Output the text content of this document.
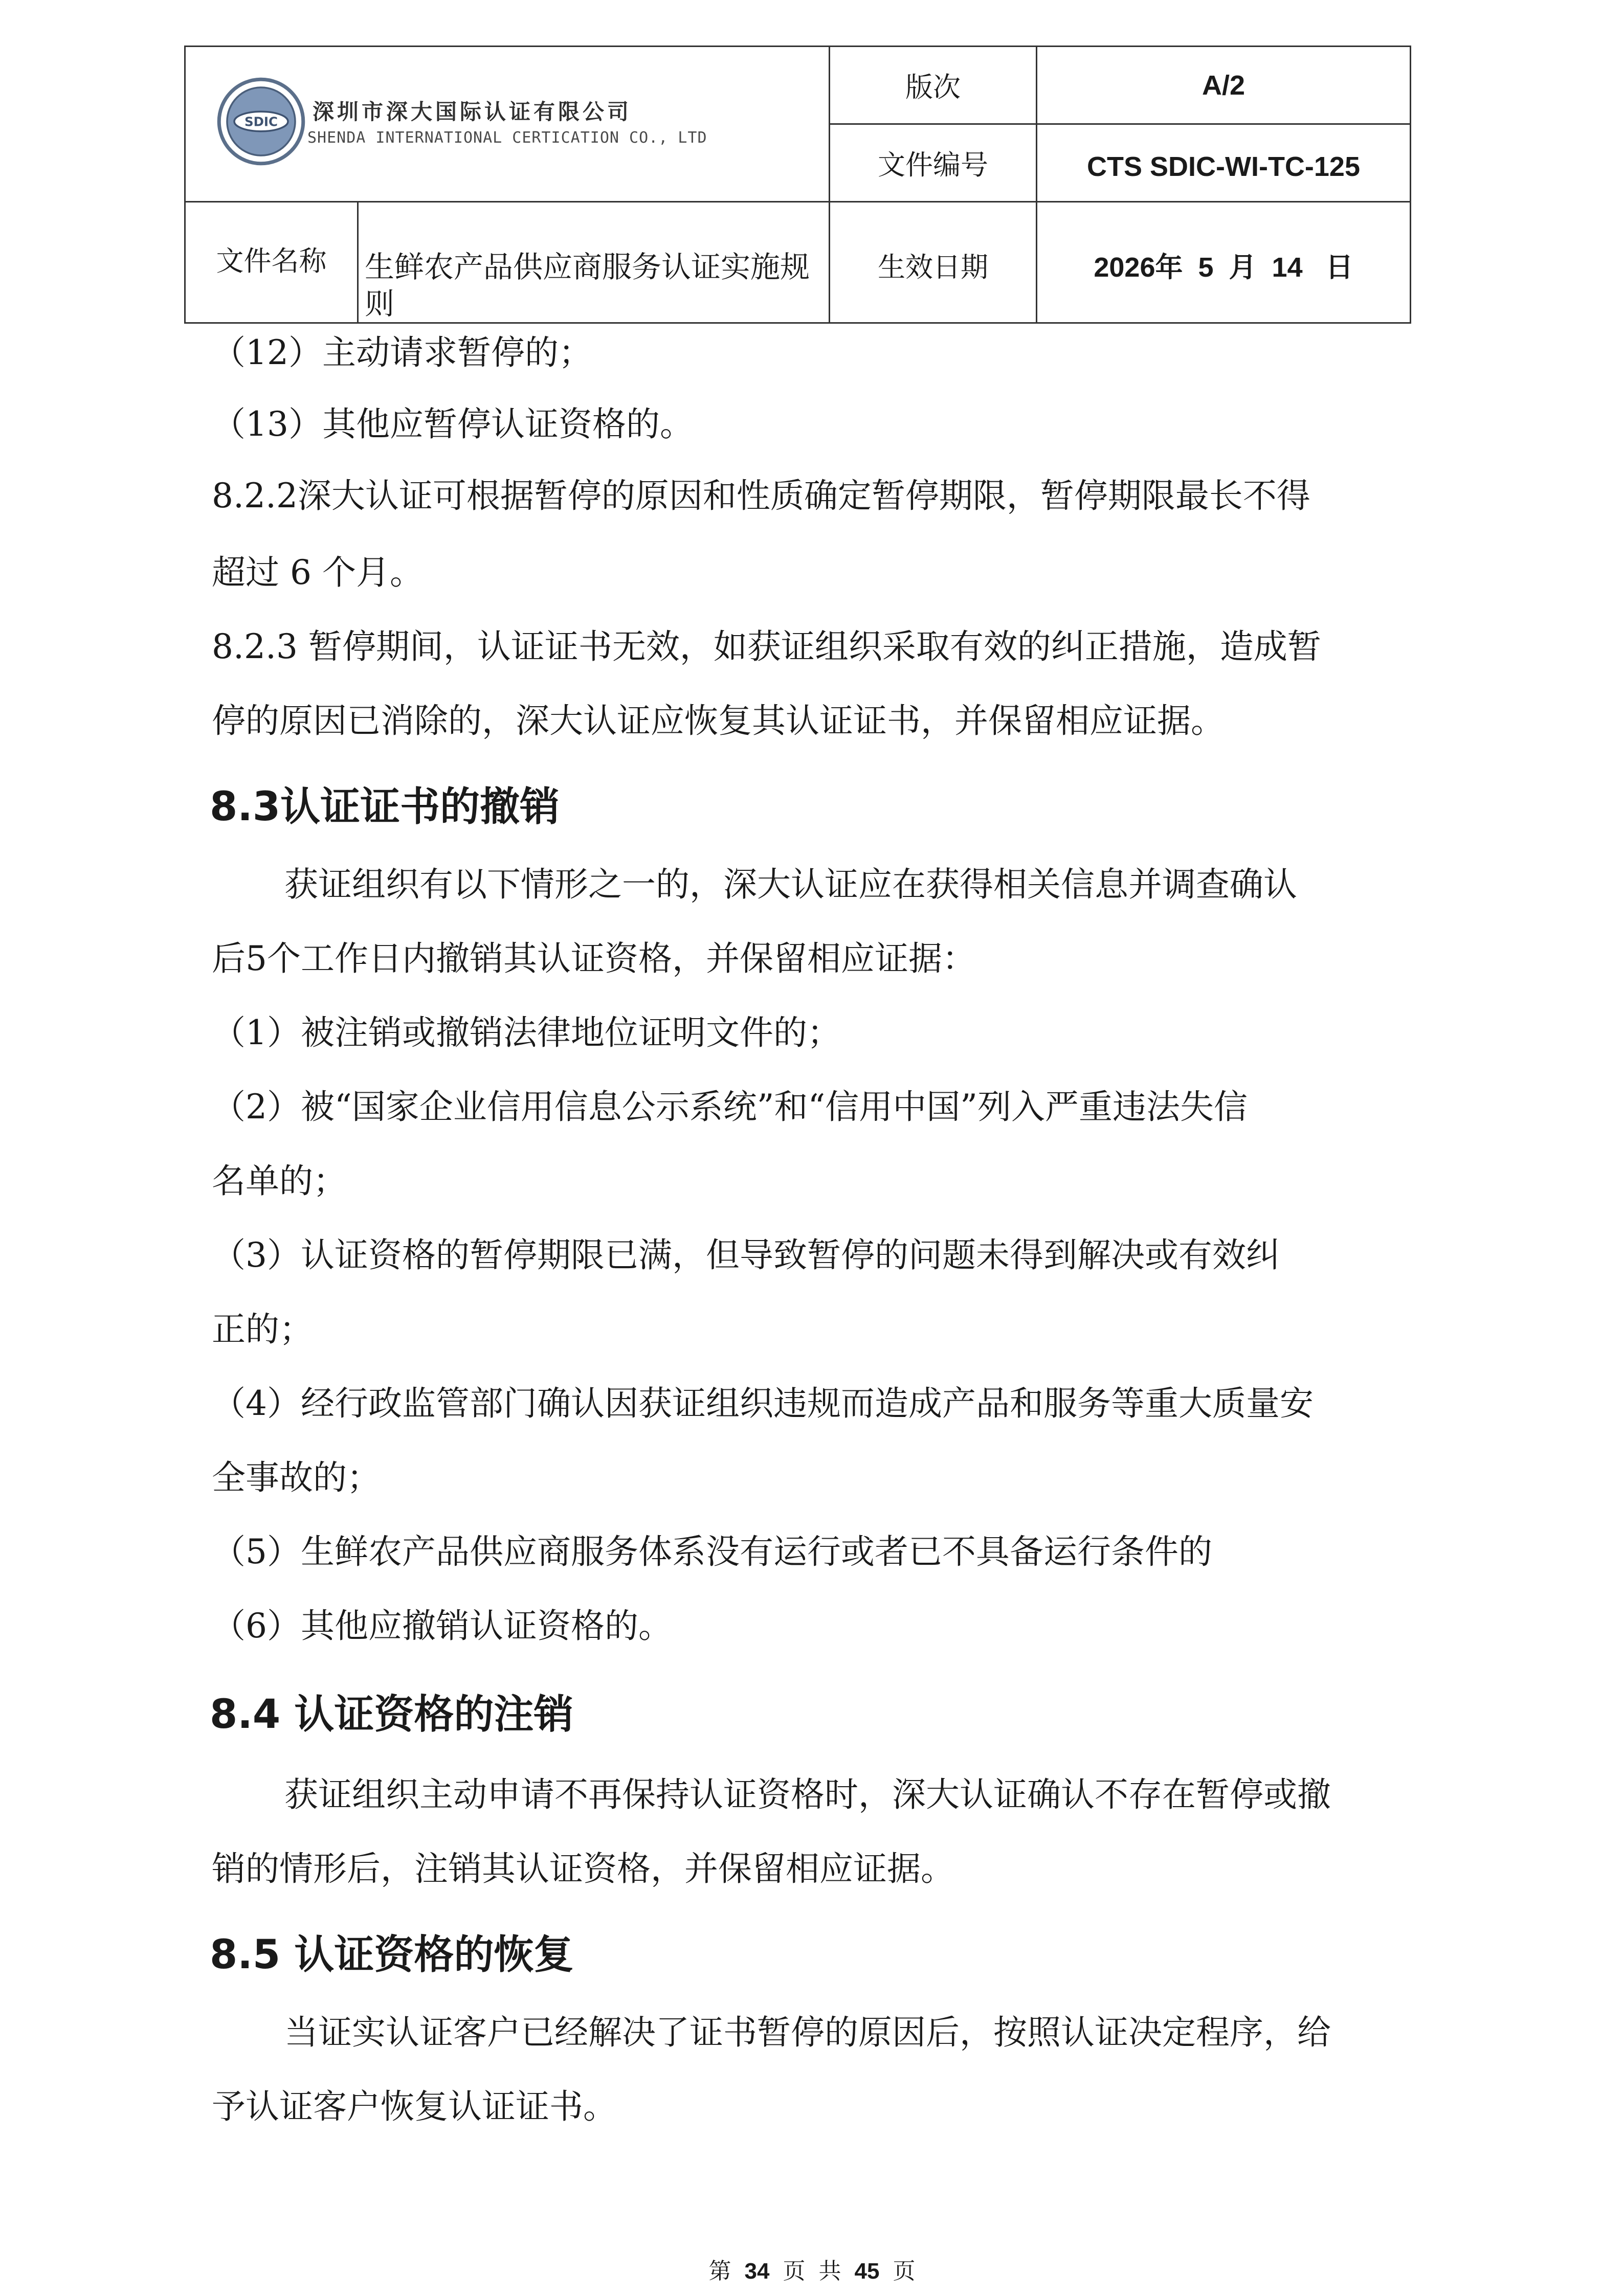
SDIC 深圳市深大国际认证有限公司
SHENDA INTERNATIONAL CERTICATION CO., LTD		版次	A/2
		文件编号	CTS SDIC-WI-TC-125
文件名称	生鲜农产品供应商服务认证实施规则	生效日期	2026年  5  月  14   日
（12）主动请求暂停的；
（13）其他应暂停认证资格的。
8.2.2深大认证可根据暂停的原因和性质确定暂停期限，暂停期限最长不得
超过 6 个月。
8.2.3 暂停期间，认证证书无效，如获证组织采取有效的纠正措施，造成暂
停的原因已消除的，深大认证应恢复其认证证书，并保留相应证据。
8.3认证证书的撤销
获证组织有以下情形之一的，深大认证应在获得相关信息并调查确认
后5个工作日内撤销其认证资格，并保留相应证据：
（1）被注销或撤销法律地位证明文件的；
（2）被“国家企业信用信息公示系统”和“信用中国”列入严重违法失信
名单的；
（3）认证资格的暂停期限已满，但导致暂停的问题未得到解决或有效纠
正的；
（4）经行政监管部门确认因获证组织违规而造成产品和服务等重大质量安
全事故的；
（5）生鲜农产品供应商服务体系没有运行或者已不具备运行条件的
（6）其他应撤销认证资格的。
8.4 认证资格的注销
获证组织主动申请不再保持认证资格时，深大认证确认不存在暂停或撤
销的情形后，注销其认证资格，并保留相应证据。
8.5 认证资格的恢复
当证实认证客户已经解决了证书暂停的原因后，按照认证决定程序，给
予认证客户恢复认证证书。
第 34 页 共 45 页
